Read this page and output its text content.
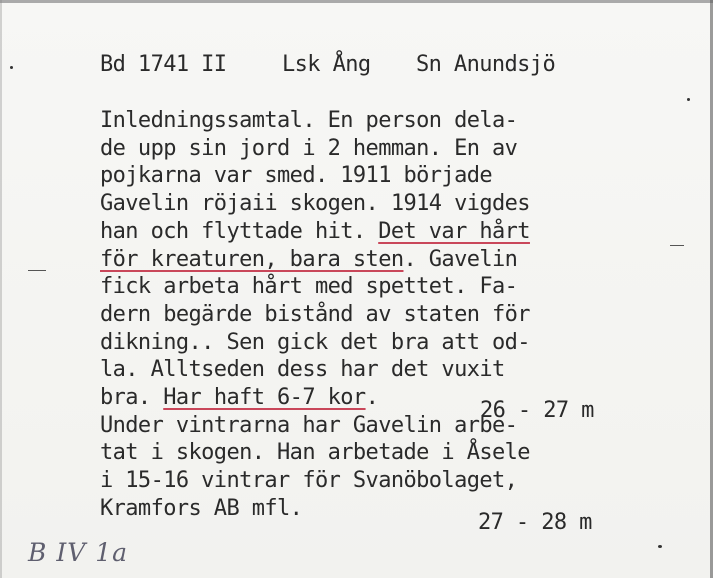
Bd 1741 II	Lsk Ång Sn Anundsjö
Inledningssamtal. En person dela-
de upp sin jord i 2 hemman. En av
pojkarna var smed. 1911 började
Gavelin röjaii skogen. 1914 vigdes
han och flyttade hit. Det var hårt
för kreaturen, bara sten. Gavelin
fick arbeta hårt med spettet. Fa-
dern begärde bistånd av staten för
dikning.. Sen gick det bra att od-
la. Alltseden dess har det vuxit
bra. Har haft 6-7 kor.
Under vintrarna har Gavelin arbe-
tat i skogen. Han arbetade i Åsele
i 15-16 vintrar för Svanöbolaget,
Kramfors AB mfl.
26 - 27 m
27 - 28 m
B IV 1a
